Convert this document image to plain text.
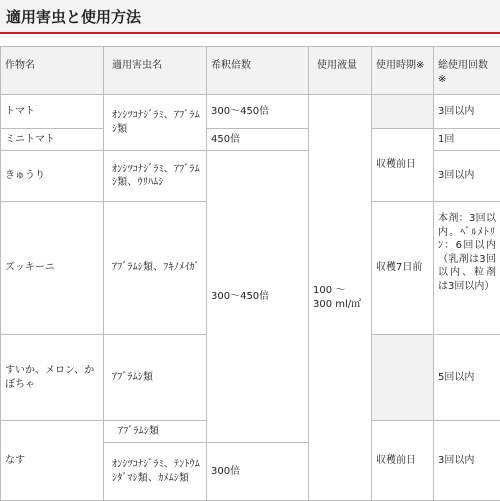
適用害虫と使用方法
作物名	適用害虫名	希釈倍数	使用液量	使用時期※	総使用回数※
トマト	ｵﾝｼﾂｺﾅｼﾞﾗﾐ、ｱﾌﾞﾗﾑｼ類	300～450倍	100 ～ 300 ml/㎡		3回以内
ミニトマト		450倍		収穫前日	1回
きゅうり	ｵﾝｼﾂｺﾅｼﾞﾗﾐ、ｱﾌﾞﾗﾑｼ類、ｳﾘﾊﾑｼ	300～450倍			3回以内
ズッキーニ	ｱﾌﾞﾗﾑｼ類、ﾌｷﾉﾒｲｶﾞ			収穫7日前	本剤：3回以内。ﾍﾞﾙﾒﾄﾘﾝ：6回以内（乳剤は3回以内、粒剤は3回以内）
すいか、メロン、かぼちゃ	ｱﾌﾞﾗﾑｼ類				5回以内
なす	ｱﾌﾞﾗﾑｼ類			収穫前日	3回以内
	ｵﾝｼﾂｺﾅｼﾞﾗﾐ、ﾃﾝﾄｳﾑｼﾀﾞﾏｼ類、ｶﾒﾑｼ類	300倍			
